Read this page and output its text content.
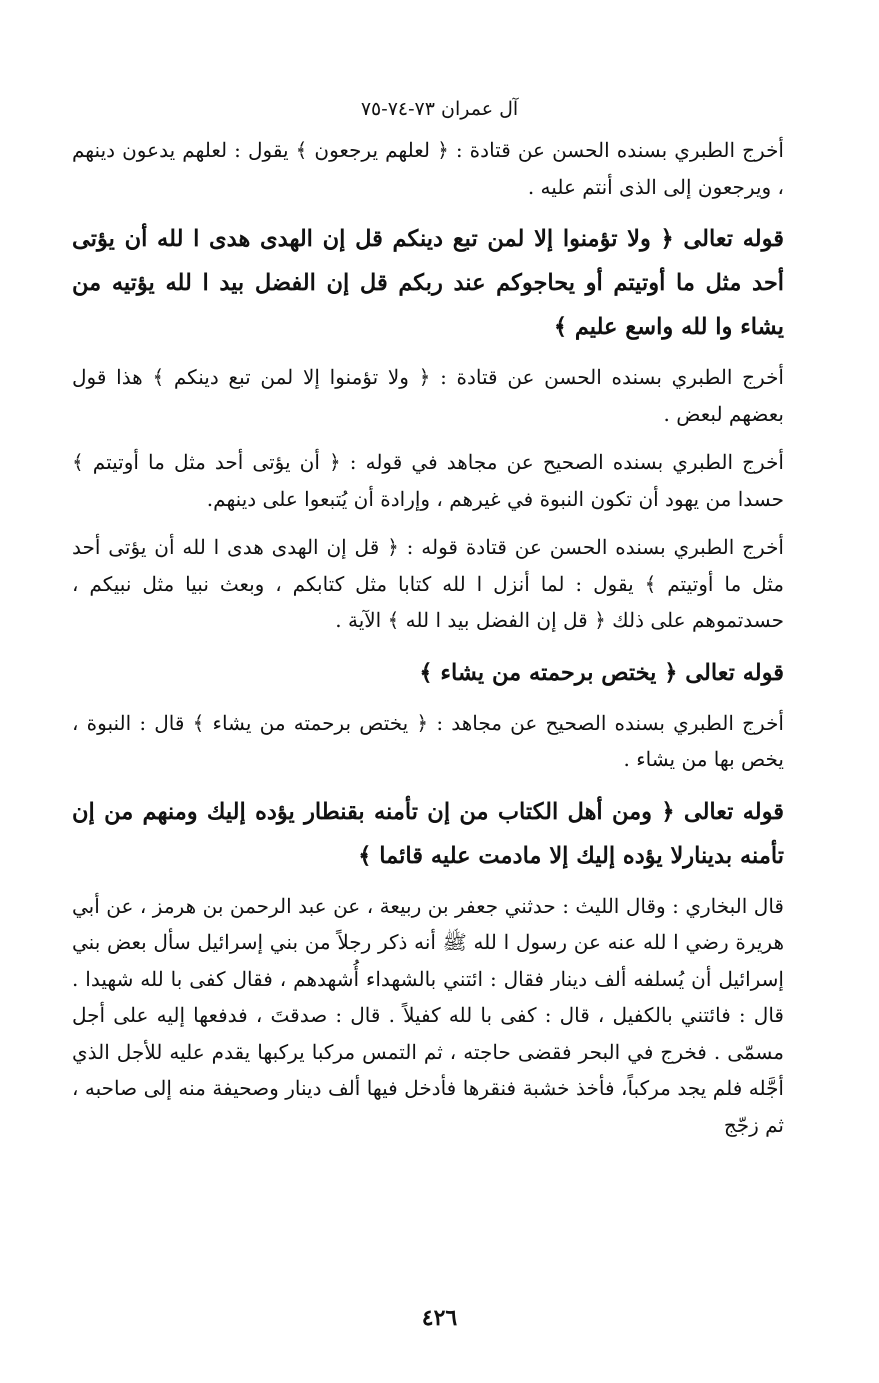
آل عمران ٧٣-٧٤-٧٥

أخرج الطبري بسنده الحسن عن قتادة : ﴿ لعلهم يرجعون ﴾ يقول : لعلهم يدعون دينهم ، ويرجعون إلى الذى أنتم عليه .

قوله تعالى ﴿ ولا تؤمنوا إلا لمن تبع دينكم قل إن الهدى هدى ا لله أن يؤتى أحد مثل ما أوتيتم أو يحاجوكم عند ربكم قل إن الفضل بيد ا لله يؤتيه من يشاء وا لله واسع عليم ﴾

أخرج الطبري بسنده الحسن عن قتادة : ﴿ ولا تؤمنوا إلا لمن تبع دينكم ﴾ هذا قول بعضهم لبعض .

أخرج الطبري بسنده الصحيح عن مجاهد في قوله : ﴿ أن يؤتى أحد مثل ما أوتيتم ﴾ حسدا من يهود أن تكون النبوة في غيرهم ، وإرادة أن يُتبعوا على دينهم.

أخرج الطبري بسنده الحسن عن قتادة قوله : ﴿ قل إن الهدى هدى ا لله أن يؤتى أحد مثل ما أوتيتم ﴾ يقول : لما أنزل ا لله كتابا مثل كتابكم ، وبعث نبيا مثل نبيكم ، حسدتموهم على ذلك ﴿ قل إن الفضل بيد ا لله ﴾ الآية .

قوله تعالى ﴿ يختص برحمته من يشاء ﴾

أخرج الطبري بسنده الصحيح عن مجاهد : ﴿ يختص برحمته من يشاء ﴾ قال : النبوة ، يخص بها من يشاء .

قوله تعالى ﴿ ومن أهل الكتاب من إن تأمنه بقنطار يؤده إليك ومنهم من إن تأمنه بدينارلا يؤده إليك إلا مادمت عليه قائما ﴾

قال البخاري : وقال الليث : حدثني جعفر بن ربيعة ، عن عبد الرحمن بن هرمز ، عن أبي هريرة رضي ا لله عنه عن رسول ا لله ﷺ أنه ذكر رجلاً من بني إسرائيل سأل بعض بني إسرائيل أن يُسلفه ألف دينار فقال : ائتني بالشهداء أُشهدهم ، فقال كفى با لله شهيدا . قال : فائتني بالكفيل ، قال : كفى با لله كفيلاً . قال : صدقتَ ، فدفعها إليه على أجل مسمّى . فخرج في البحر فقضى حاجته ، ثم التمس مركبا يركبها يقدم عليه للأجل الذي أجَّله فلم يجد مركباً، فأخذ خشبة فنقرها فأدخل فيها ألف دينار وصحيفة منه إلى صاحبه ، ثم زجّج

٤٢٦
